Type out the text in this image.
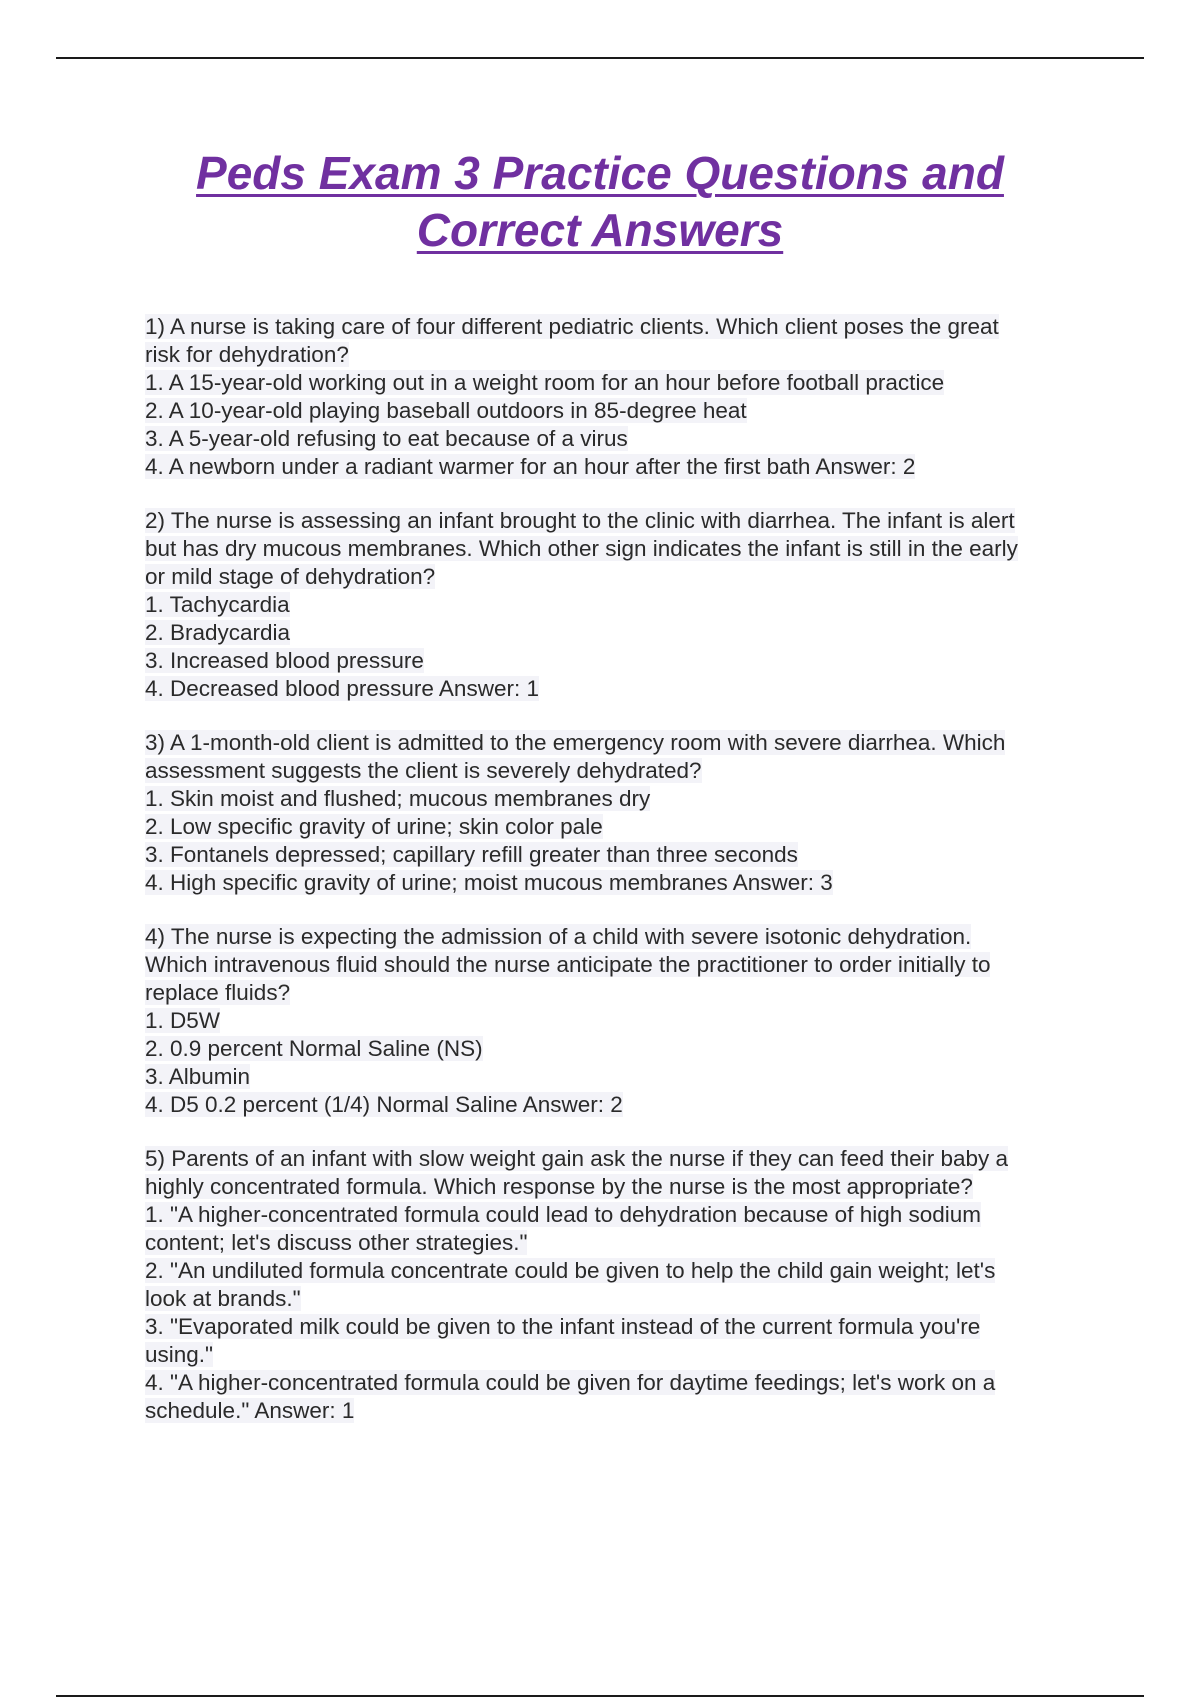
Peds Exam 3 Practice Questions and
Correct Answers
1) A nurse is taking care of four different pediatric clients. Which client poses the great
risk for dehydration?
1. A 15-year-old working out in a weight room for an hour before football practice
2. A 10-year-old playing baseball outdoors in 85-degree heat
3. A 5-year-old refusing to eat because of a virus
4. A newborn under a radiant warmer for an hour after the first bath Answer: 2
2) The nurse is assessing an infant brought to the clinic with diarrhea. The infant is alert
but has dry mucous membranes. Which other sign indicates the infant is still in the early
or mild stage of dehydration?
1. Tachycardia
2. Bradycardia
3. Increased blood pressure
4. Decreased blood pressure Answer: 1
3) A 1-month-old client is admitted to the emergency room with severe diarrhea. Which
assessment suggests the client is severely dehydrated?
1. Skin moist and flushed; mucous membranes dry
2. Low specific gravity of urine; skin color pale
3. Fontanels depressed; capillary refill greater than three seconds
4. High specific gravity of urine; moist mucous membranes Answer: 3
4) The nurse is expecting the admission of a child with severe isotonic dehydration.
Which intravenous fluid should the nurse anticipate the practitioner to order initially to
replace fluids?
1. D5W
2. 0.9 percent Normal Saline (NS)
3. Albumin
4. D5 0.2 percent (1/4) Normal Saline Answer: 2
5) Parents of an infant with slow weight gain ask the nurse if they can feed their baby a
highly concentrated formula. Which response by the nurse is the most appropriate?
1. "A higher-concentrated formula could lead to dehydration because of high sodium
content; let's discuss other strategies."
2. "An undiluted formula concentrate could be given to help the child gain weight; let's
look at brands."
3. "Evaporated milk could be given to the infant instead of the current formula you're
using."
4. "A higher-concentrated formula could be given for daytime feedings; let's work on a
schedule." Answer: 1
